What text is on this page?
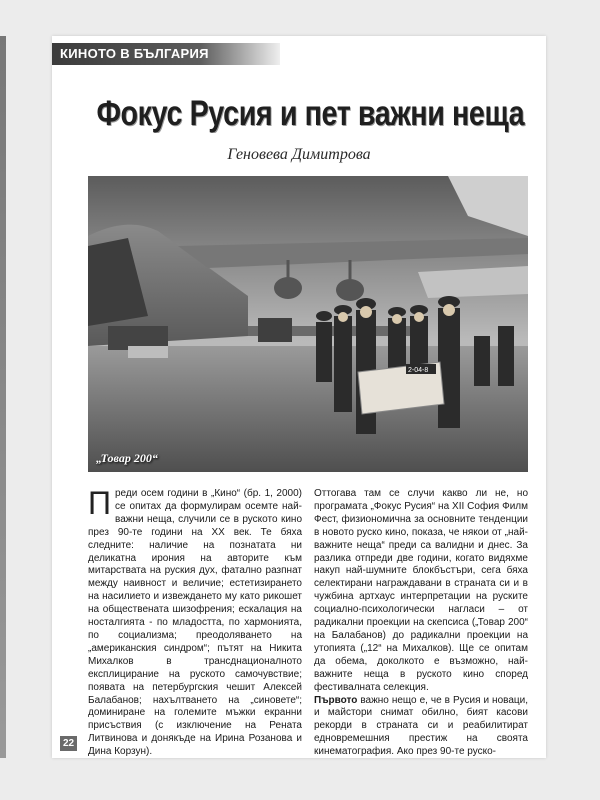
КИНОТО В БЪЛГАРИЯ
Фокус Русия и пет важни неща
Геновева Димитрова
2-04-8
„Товар 200“

Преди осем години в „Кино“ (бр. 1, 2000) се опитах да формулирам осемте най-важни неща, случили се в руското кино през 90-те години на XX век. Те бяха следните: наличие на познатата ни деликатна ирония на авторите към митарствата на руския дух, фатално разпнат между наивност и величие; естетизирането на насилието и извеждането му като рикошет на обществената шизофрения; ескалация на носталгията - по младостта, по хармонията, по социализма; преодоляването на „американския синдром“; пътят на Никита Михалков в трансднационалното експлицирание на руското самочувствие; появата на петербургския чешит Алексей Балабанов; нахълтването на „синовете“; доминиране на големите мъжки екранни присъствия (с изключение на Рената Литвинова и донякъде на Ирина Розанова и Дина Корзун).

Оттогава там се случи какво ли не, но програмата „Фокус Русия“ на XII София Филм Фест, физиономична за основните тенденции в новото руско кино, показа, че някои от „най-важните неща“ преди са валидни и днес. За разлика отпреди две години, когато видяхме накуп най-шумните блокбъстъри, сега бяха селектирани награждавани в страната си и в чужбина артхаус интерпретации на руските социално-психологически нагласи – от радикални проекции на скепсиса („Товар 200“ на Балабанов) до радикални проекции на утопията („12“ на Михалков). Ще се опитам да обема, доколкото е възможно, най-важните неща в руското кино според фестивалната селекция.

Първото важно нещо е, че в Русия и новаци, и майстори снимат обилно, бият касови рекорди в страната си и реабилитират едновремешния престиж на своята кинематография. Ако през 90-те руско-

22
